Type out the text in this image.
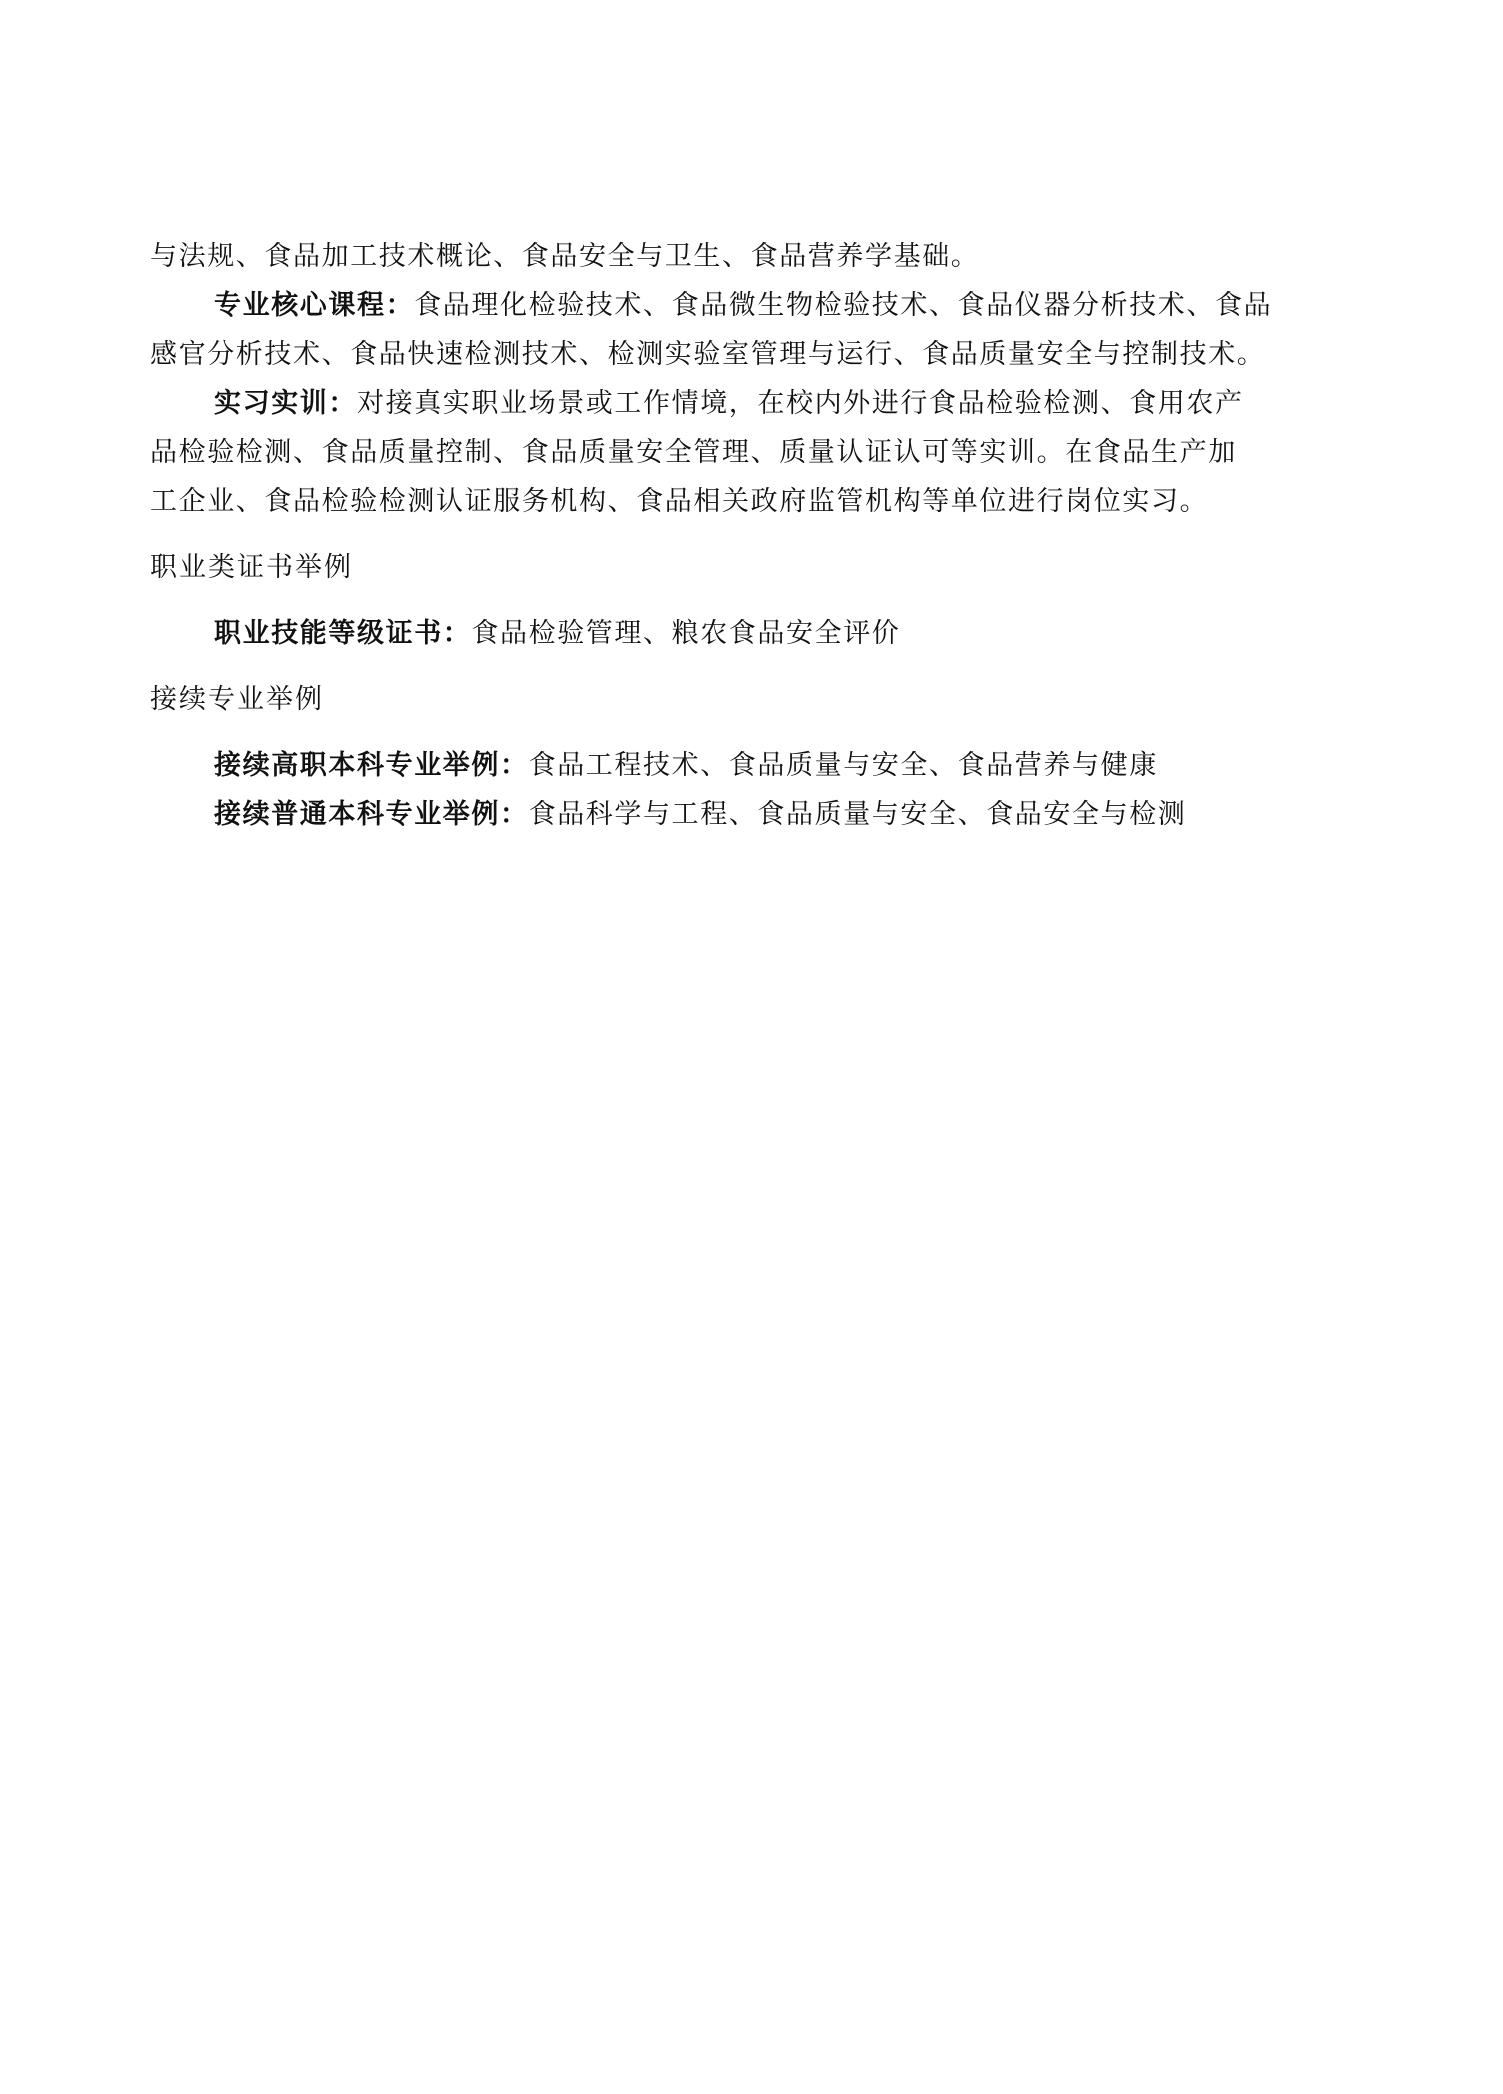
与法规、食品加工技术概论、食品安全与卫生、食品营养学基础。
专业核心课程：食品理化检验技术、食品微生物检验技术、食品仪器分析技术、食品
感官分析技术、食品快速检测技术、检测实验室管理与运行、食品质量安全与控制技术。
实习实训：对接真实职业场景或工作情境，在校内外进行食品检验检测、食用农产
品检验检测、食品质量控制、食品质量安全管理、质量认证认可等实训。在食品生产加
工企业、食品检验检测认证服务机构、食品相关政府监管机构等单位进行岗位实习。
职业类证书举例
职业技能等级证书：食品检验管理、粮农食品安全评价
接续专业举例
接续高职本科专业举例：食品工程技术、食品质量与安全、食品营养与健康
接续普通本科专业举例：食品科学与工程、食品质量与安全、食品安全与检测
